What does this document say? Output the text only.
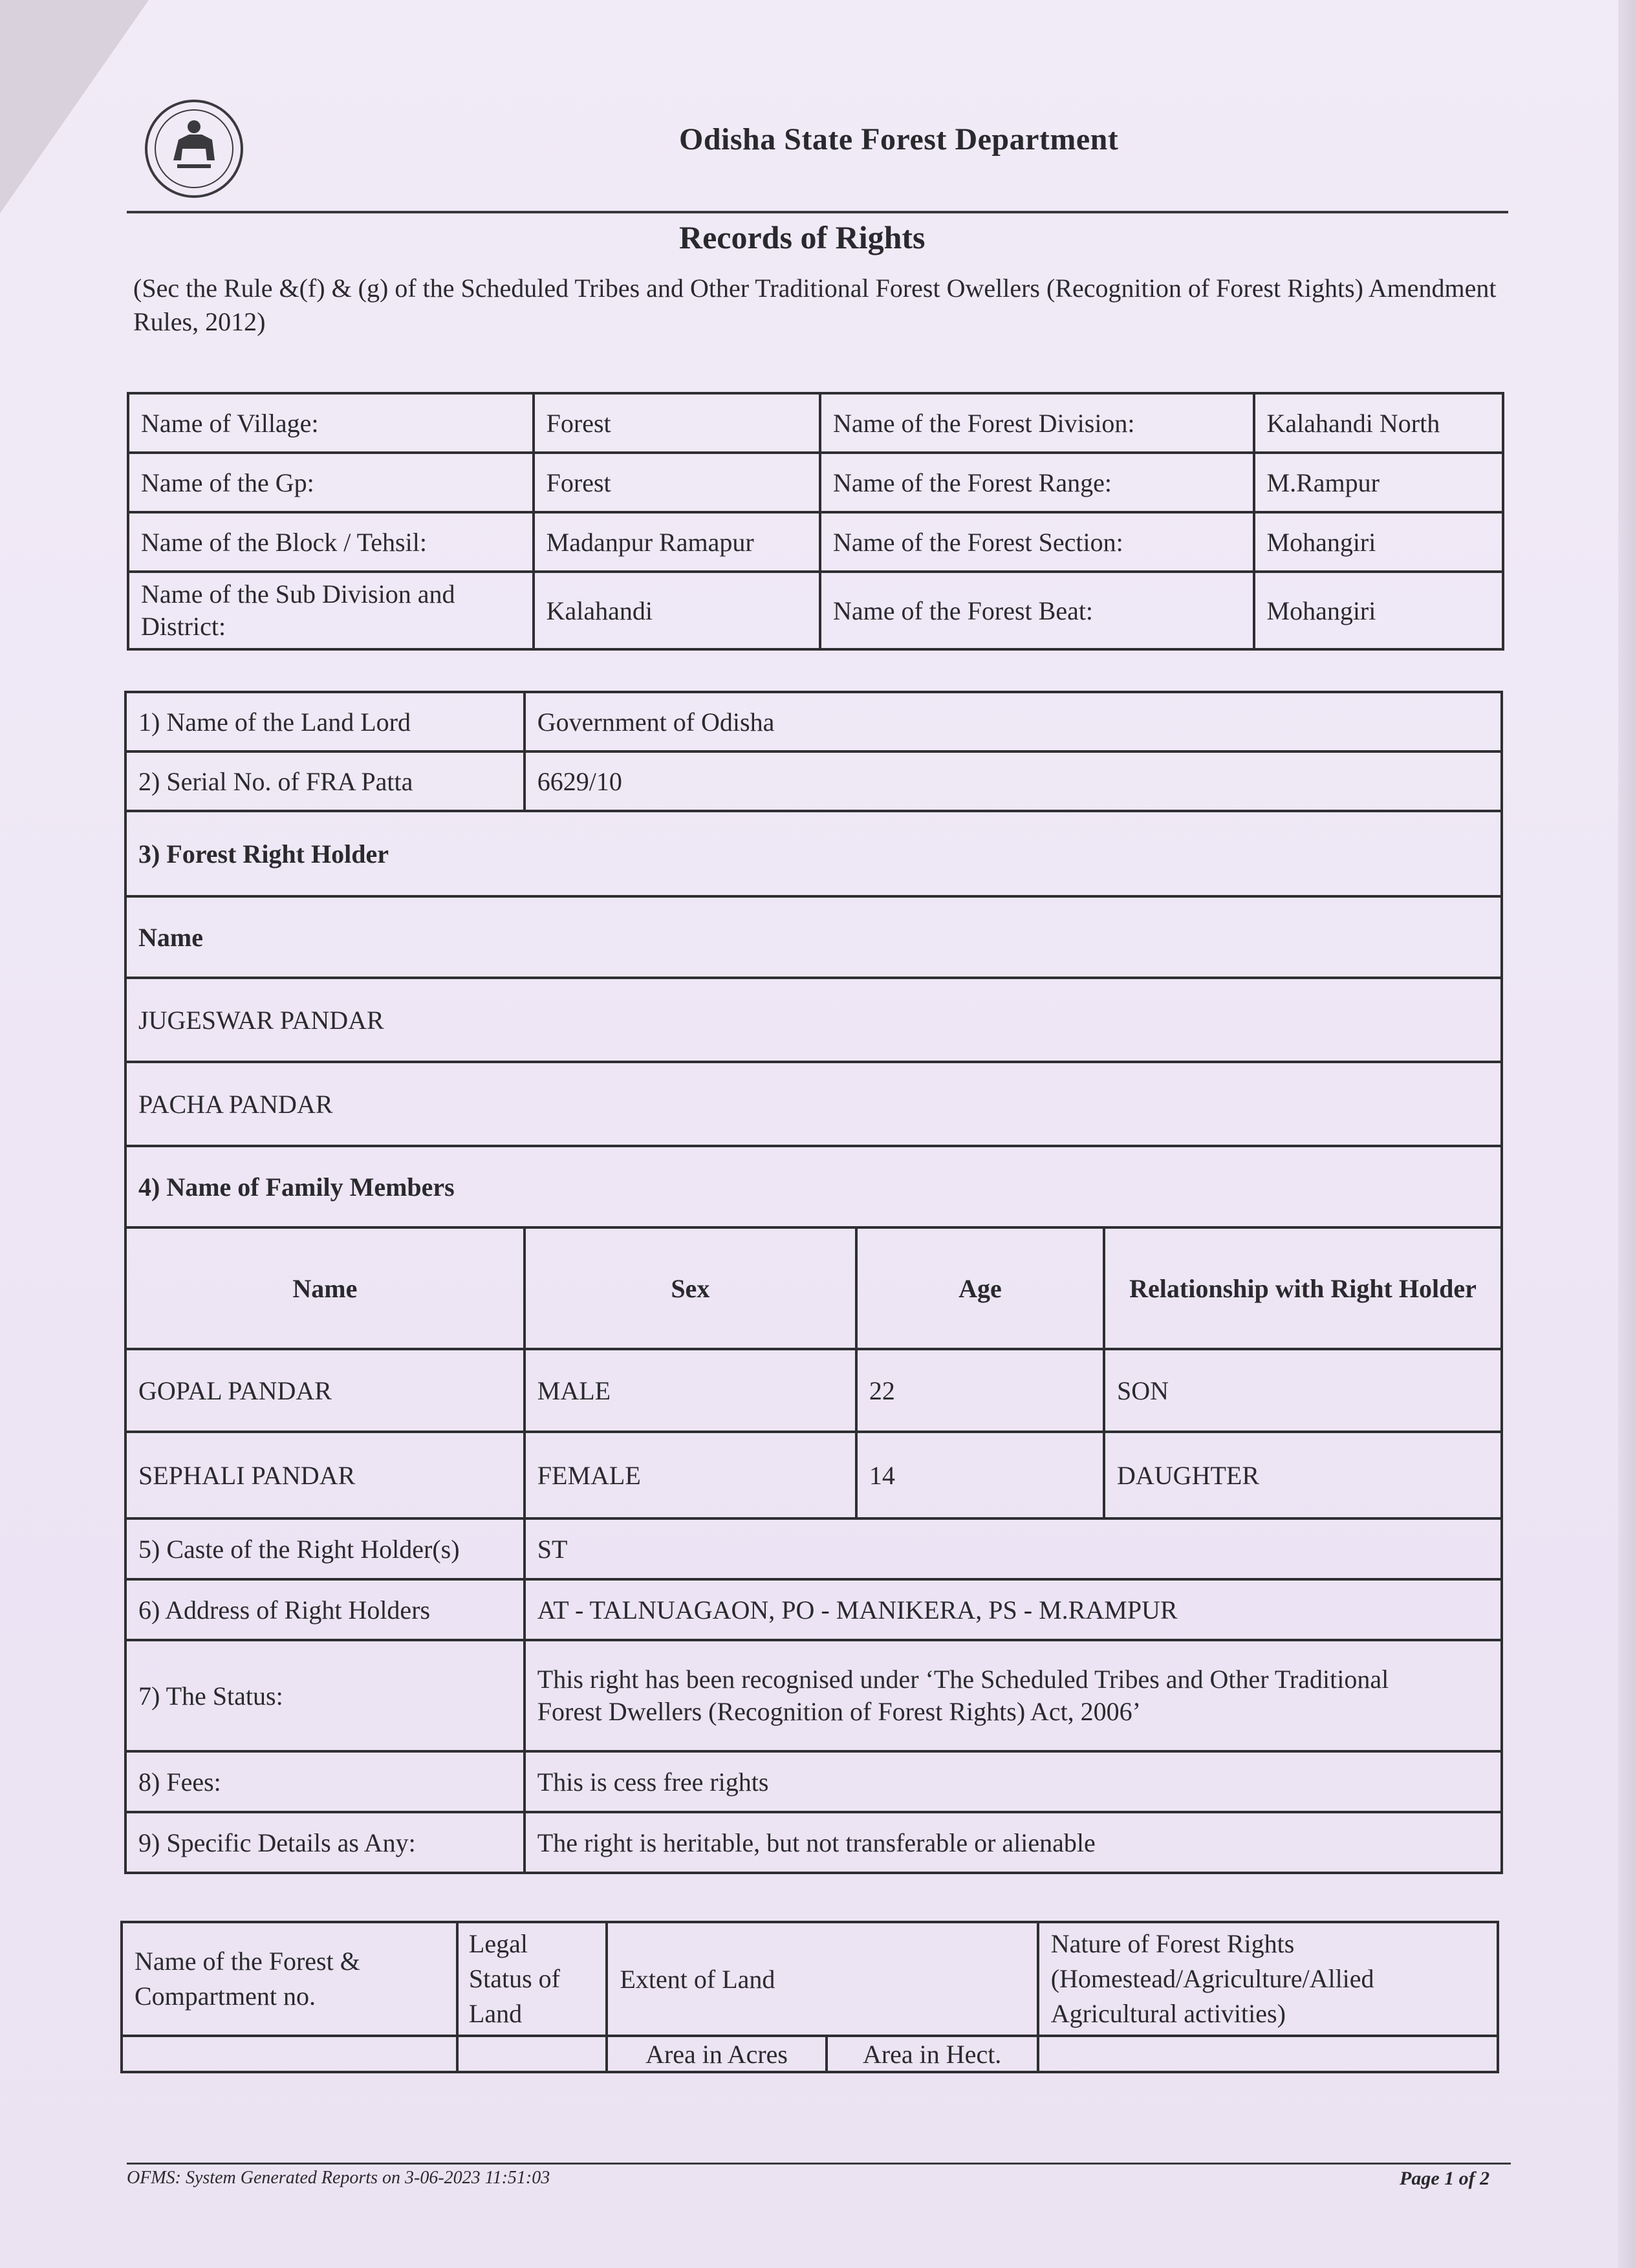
Odisha State Forest Department
Records of Rights
(Sec the Rule &(f) & (g) of the Scheduled Tribes and Other Traditional Forest Owellers (Recognition of Forest Rights) Amendment Rules, 2012)
Name of Village:	Forest	Name of the Forest Division:	Kalahandi North
Name of the Gp:	Forest	Name of the Forest Range:	M.Rampur
Name of the Block / Tehsil:	Madanpur Ramapur	Name of the Forest Section:	Mohangiri
Name of the Sub Division and District:	Kalahandi	Name of the Forest Beat:	Mohangiri
1) Name of the Land Lord	Government of Odisha		
2) Serial No. of FRA Patta	6629/10		
3) Forest Right Holder			
Name			
JUGESWAR PANDAR			
PACHA PANDAR			
4) Name of Family Members			
Name	Sex	Age	Relationship with Right Holder
GOPAL PANDAR	MALE	22	SON
SEPHALI PANDAR	FEMALE	14	DAUGHTER
5) Caste of the Right Holder(s)	ST		
6) Address of Right Holders	AT - TALNUAGAON, PO - MANIKERA, PS - M.RAMPUR		
7) The Status:	This right has been recognised under ‘The Scheduled Tribes and Other Traditional
Forest Dwellers (Recognition of Forest Rights) Act, 2006’		

8) Fees:	This is cess free rights		
9) Specific Details as Any:	The right is heritable, but not transferable or alienable		
Name of the Forest & Compartment no.	Legal Status of Land	Extent of Land		Nature of Forest Rights (Homestead/Agriculture/Allied Agricultural activities)
		Area in Acres	Area in Hect.	
OFMS: System Generated Reports on 3-06-2023 11:51:03	Page 1 of 2
